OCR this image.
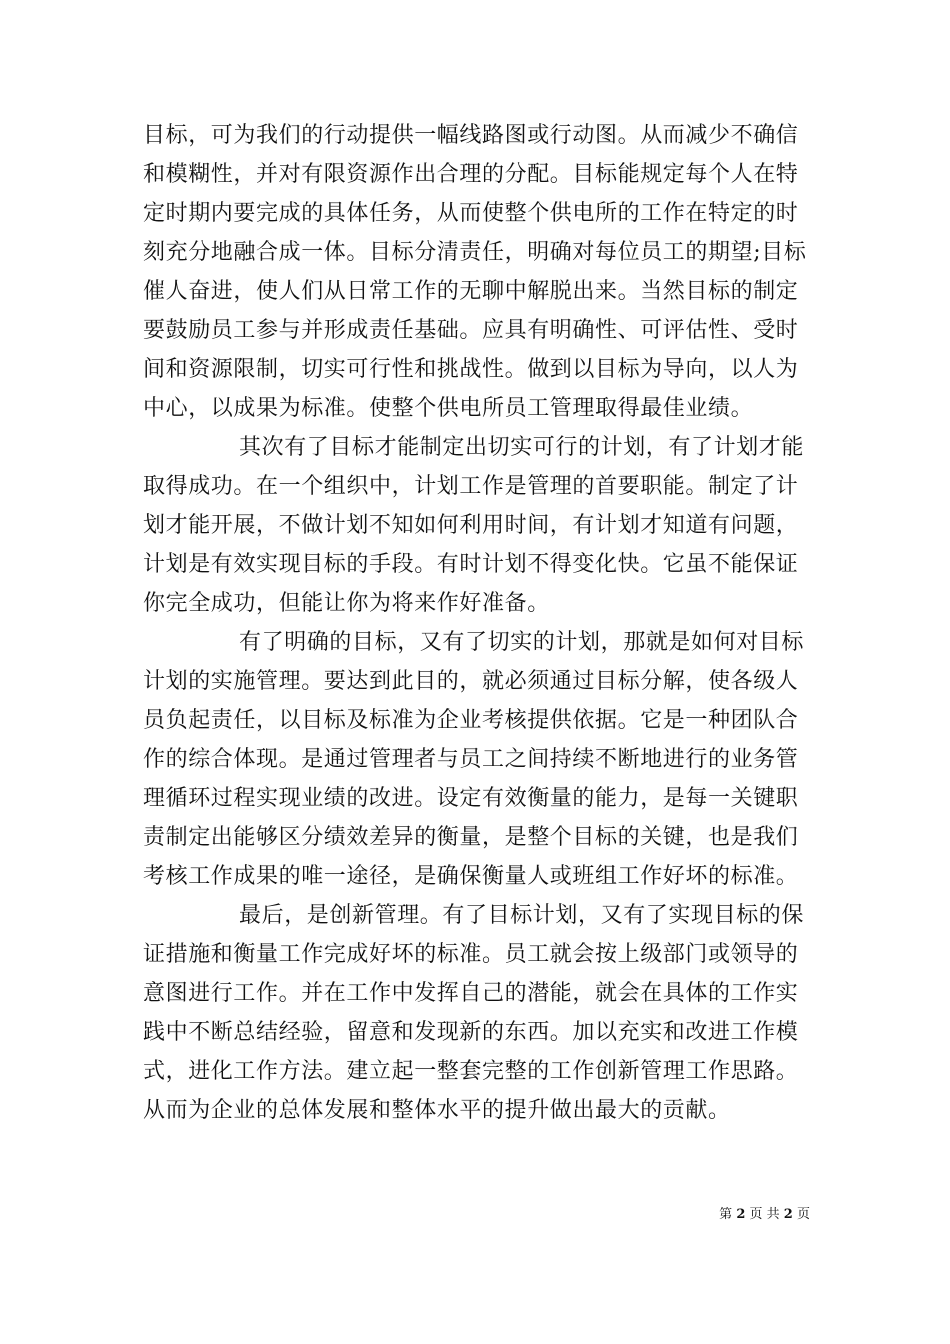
目标，可为我们的行动提供一幅线路图或行动图。从而减少不确信
和模糊性，并对有限资源作出合理的分配。目标能规定每个人在特
定时期内要完成的具体任务，从而使整个供电所的工作在特定的时
刻充分地融合成一体。目标分清责任，明确对每位员工的期望;目标
催人奋进，使人们从日常工作的无聊中解脱出来。当然目标的制定
要鼓励员工参与并形成责任基础。应具有明确性、可评估性、受时
间和资源限制，切实可行性和挑战性。做到以目标为导向，以人为
中心，以成果为标准。使整个供电所员工管理取得最佳业绩。
其次有了目标才能制定出切实可行的计划，有了计划才能
取得成功。在一个组织中，计划工作是管理的首要职能。制定了计
划才能开展，不做计划不知如何利用时间，有计划才知道有问题，
计划是有效实现目标的手段。有时计划不得变化快。它虽不能保证
你完全成功，但能让你为将来作好准备。
有了明确的目标，又有了切实的计划，那就是如何对目标
计划的实施管理。要达到此目的，就必须通过目标分解，使各级人
员负起责任，以目标及标准为企业考核提供依据。它是一种团队合
作的综合体现。是通过管理者与员工之间持续不断地进行的业务管
理循环过程实现业绩的改进。设定有效衡量的能力，是每一关键职
责制定出能够区分绩效差异的衡量，是整个目标的关键，也是我们
考核工作成果的唯一途径，是确保衡量人或班组工作好坏的标准。
最后，是创新管理。有了目标计划，又有了实现目标的保
证措施和衡量工作完成好坏的标准。员工就会按上级部门或领导的
意图进行工作。并在工作中发挥自己的潜能，就会在具体的工作实
践中不断总结经验，留意和发现新的东西。加以充实和改进工作模
式，进化工作方法。建立起一整套完整的工作创新管理工作思路。
从而为企业的总体发展和整体水平的提升做出最大的贡献。
第 2 页 共 2 页
